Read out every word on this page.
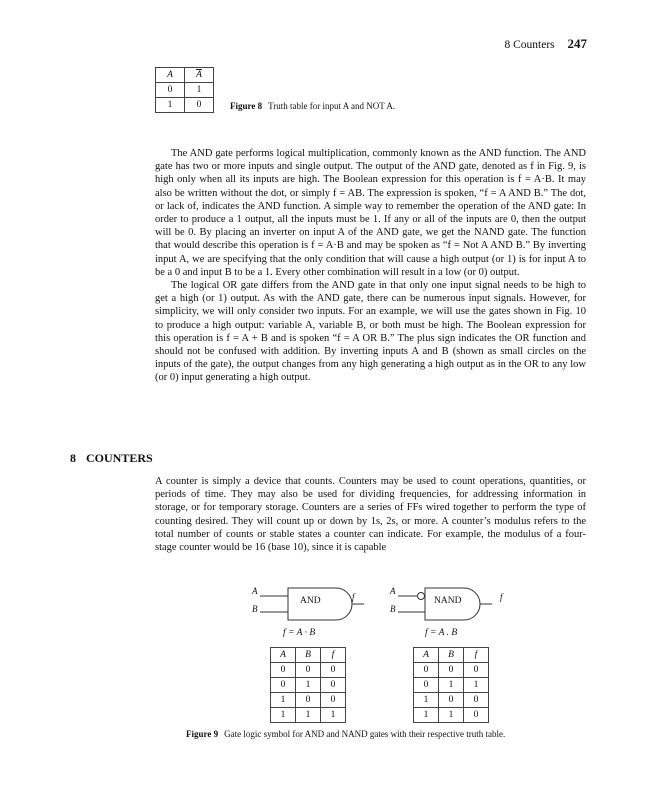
8 Counters 247
A	$\overline{A}$
0	1
1	0	Figure 8 Truth table for input A and NOT A.

The AND gate performs logical multiplication, commonly known as the AND function. The AND gate has two or more inputs and single output. The output of the AND gate, denoted as f in Fig. 9, is high only when all its inputs are high. The Boolean expression for this operation is f = A·B. It may also be written without the dot, or simply f = AB. The expression is spoken, “f = A AND B.” The dot, or lack of, indicates the AND function. A simple way to remember the operation of the AND gate: In order to produce a 1 output, all the inputs must be 1. If any or all of the inputs are 0, then the output will be 0. By placing an inverter on input A of the AND gate, we get the NAND gate. The function that would describe this operation is f = A·B and may be spoken as “f = Not A AND B.” By inverting input A, we are specifying that the only condition that will cause a high output (or 1) is for input A to be a 0 and input B to be a 1. Every other combination will result in a low (or 0) output.

The logical OR gate differs from the AND gate in that only one input signal needs to be high to get a high (or 1) output. As with the AND gate, there can be numerous input signals. However, for simplicity, we will only consider two inputs. For an example, we will use the gates shown in Fig. 10 to produce a high output: variable A, variable B, or both must be high. The Boolean expression for this operation is f = A + B and is spoken “f = A OR B.” The plus sign indicates the OR function and should not be confused with addition. By inverting inputs A and B (shown as small circles on the inputs of the gate), the output changes from any high generating a high output as in the OR to any low (or 0) input generating a high output.

8 COUNTERS

A counter is simply a device that counts. Counters may be used to count operations, quantities, or periods of time. They may also be used for dividing frequencies, for addressing information in storage, or for temporary storage. Counters are a series of FFs wired together to perform the type of counting desired. They will count up or down by 1s, 2s, or more. A counter’s modulus refers to the total number of counts or stable states a counter can indicate. For example, the modulus of a four-stage counter would be 16 (base 10), since it is capable

A
B
AND	f
f = A · B
A
B
NAND	f
f = A . B
A	B	f
0	0	0
0	1	0
1	0	0
1	1	1
A	B	f
0	0	0
0	1	1
1	0	0
1	1	0
Figure 9 Gate logic symbol for AND and NAND gates with their respective truth table.
